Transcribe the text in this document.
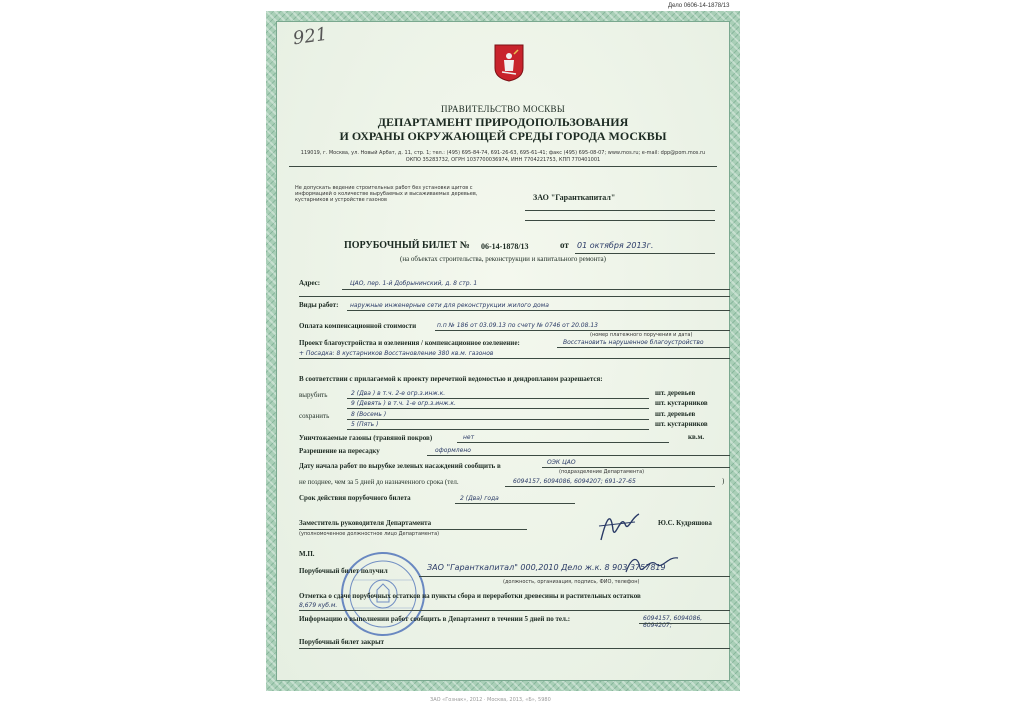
Дело 0606-14-1878/13
921
ПРАВИТЕЛЬСТВО МОСКВЫ
ДЕПАРТАМЕНТ ПРИРОДОПОЛЬЗОВАНИЯ
И ОХРАНЫ ОКРУЖАЮЩЕЙ СРЕДЫ ГОРОДА МОСКВЫ
119019, г. Москва, ул. Новый Арбат, д. 11, стр. 1; тел.: (495) 695-84-74, 691-26-63, 695-61-41; факс (495) 695-08-07; www.mos.ru; e-mail: dpp@pom.mos.ru
ОКПО 35283732, ОГРН 1037700036974, ИНН 7704221753, КПП 770401001
Не допускать ведение строительных работ без установки щитов с информацией о количестве вырубаемых и высаживаемых деревьев, кустарников и устройстве газонов	ЗАО "Гаранткапитал"
ПОРУБОЧНЫЙ БИЛЕТ № 06-14-1878/13	от 01 октября 2013г.
(на объектах строительства, реконструкции и капитального ремонта)
Адрес:	ЦАО, пер. 1-й Добрынинский, д. 8 стр. 1
Виды работ: наружные инженерные сети для реконструкции жилого дома
Оплата компенсационной стоимости	п.п № 186 от 03.09.13 по счету № 0746 от 20.08.13
(номер платежного поручения и дата)
Проект благоустройства и озеленения / компенсационное озеленение:	Восстановить нарушенное благоустройство
+ Посадка: 8 кустарников Восстановление 380 кв.м. газонов
В соответствии с прилагаемой к проекту перечетной ведомостью и дендропланом разрешается:
вырубить	2 (Два ) в т.ч. 2-е огр.з.инж.к.	шт. деревьев
9 (Девять ) в т.ч. 1-е огр.з.инж.к.	шт. кустарников
сохранить	8 (Восемь )	шт. деревьев
5 (Пять )	шт. кустарников
Уничтожаемые газоны (травяной покров)	нет	кв.м.
Разрешение на пересадку	оформлено
Дату начала работ по вырубке зеленых насаждений сообщить в	ОЭК ЦАО
(подразделение Департамента)
не позднее, чем за 5 дней до назначенного срока (тел.	6094157, 6094086, 6094207; 691-27-65	)
Срок действия порубочного билета	2 (Два) года
Заместитель руководителя Департамента
(уполномоченное должностное лицо Департамента)
Ю.С. Кудряшова
М.П.
Порубочный билет получил	ЗАО "Гаранткапитал" 000,2010 Дело ж.к. 8 903 3757819
(должность, организация, подпись, ФИО, телефон)
Отметка о сдаче порубочных остатков на пункты сбора и переработки древесины и растительных остатков
8,679 куб.м.
Информацию о выполнении работ сообщить в Департамент в течении 5 дней по тел.:	6094157, 6094086, 6094207;
Порубочный билет закрыт
ЗАО «Гознак», 2012 · Москва, 2013, «Б», 5980
